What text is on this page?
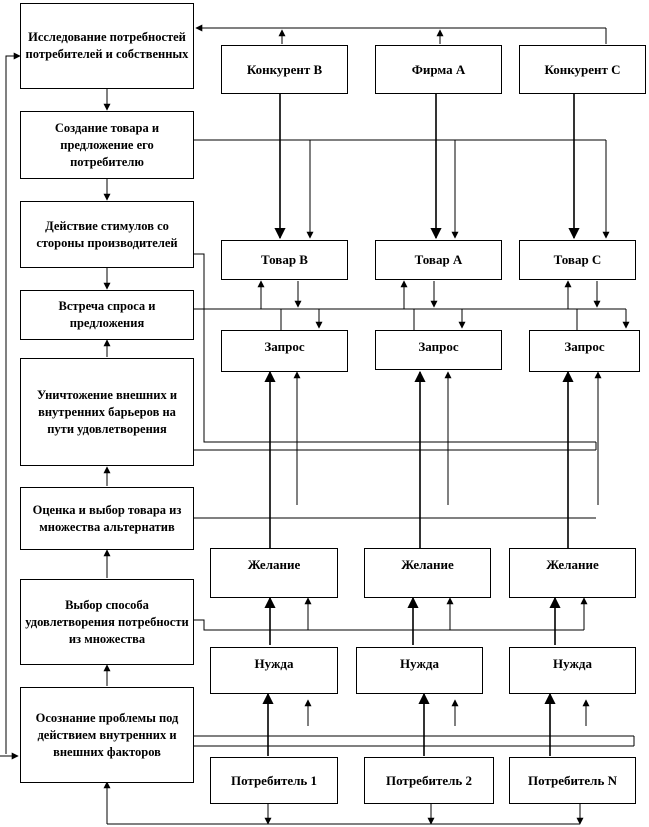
Исследование потребностей потребителей и собственных
Создание товара и предложение его потребителю
Действие стимулов со стороны производителей
Встреча спроса и предложения
Уничтожение внешних и внутренних барьеров на пути удовлетворения
Оценка и выбор товара из множества альтернатив
Выбор способа удовлетворения потребности из множества
Осознание проблемы под действием внутренних и внешних факторов
Конкурент B	Фирма A	Конкурент C
Товар B	Товар A	Товар C
Запрос	Запрос	Запрос
Желание	Желание	Желание
Нужда	Нужда	Нужда
Потребитель 1	Потребитель 2	Потребитель N
